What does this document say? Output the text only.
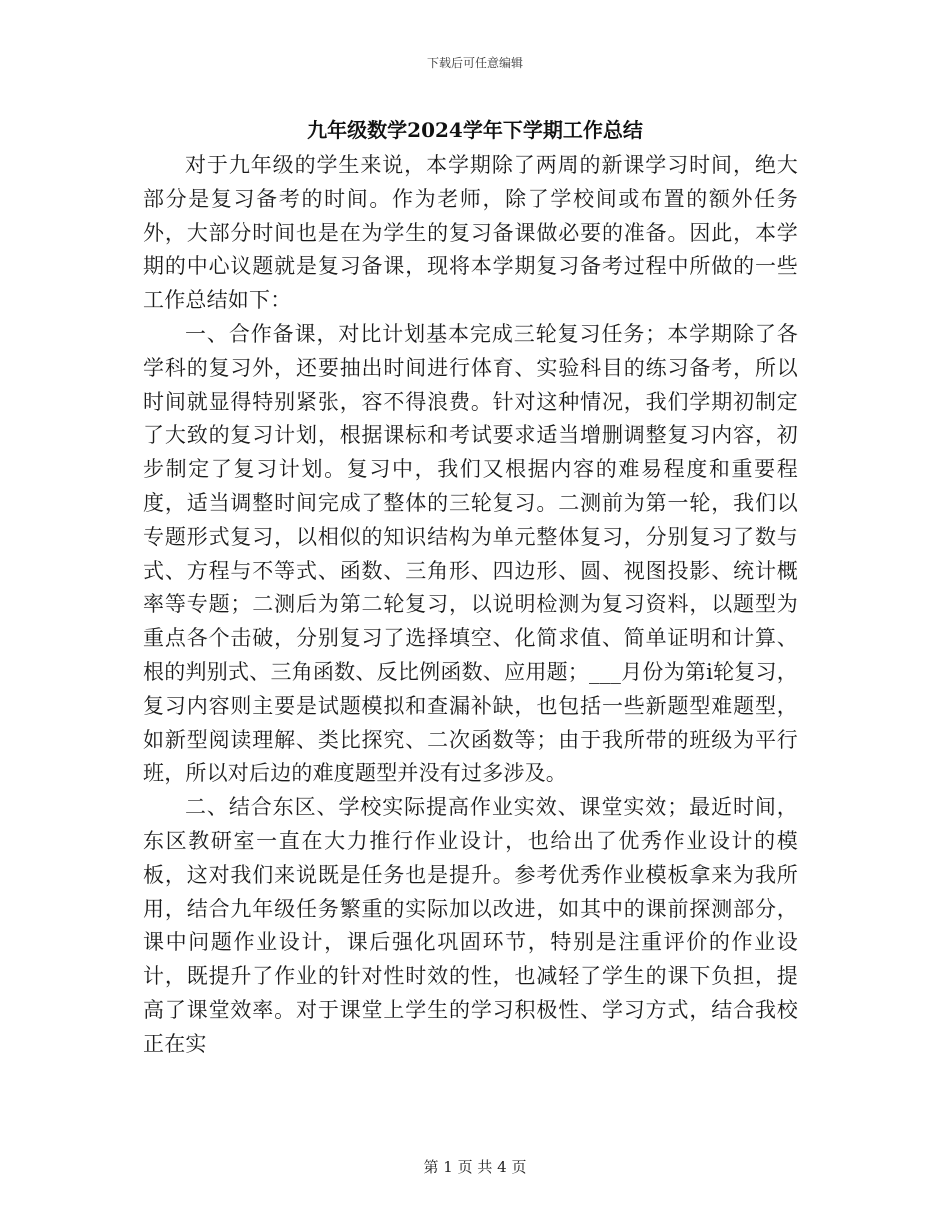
下载后可任意编辑
九年级数学2024学年下学期工作总结

对于九年级的学生来说，本学期除了两周的新课学习时间，绝大部分是复习备考的时间。作为老师，除了学校间或布置的额外任务外，大部分时间也是在为学生的复习备课做必要的准备。因此，本学期的中心议题就是复习备课，现将本学期复习备考过程中所做的一些工作总结如下：

一、合作备课，对比计划基本完成三轮复习任务；本学期除了各学科的复习外，还要抽出时间进行体育、实验科目的练习备考，所以时间就显得特别紧张，容不得浪费。针对这种情况，我们学期初制定了大致的复习计划，根据课标和考试要求适当增删调整复习内容，初步制定了复习计划。复习中，我们又根据内容的难易程度和重要程度，适当调整时间完成了整体的三轮复习。二测前为第一轮，我们以专题形式复习，以相似的知识结构为单元整体复习，分别复习了数与式、方程与不等式、函数、三角形、四边形、圆、视图投影、统计概率等专题；二测后为第二轮复习，以说明检测为复习资料，以题型为重点各个击破，分别复习了选择填空、化简求值、简单证明和计算、根的判别式、三角函数、反比例函数、应用题；___月份为第ⅰ轮复习，复习内容则主要是试题模拟和查漏补缺，也包括一些新题型难题型，如新型阅读理解、类比探究、二次函数等；由于我所带的班级为平行班，所以对后边的难度题型并没有过多涉及。

二、结合东区、学校实际提高作业实效、课堂实效；最近时间，东区教研室一直在大力推行作业设计，也给出了优秀作业设计的模板，这对我们来说既是任务也是提升。参考优秀作业模板拿来为我所用，结合九年级任务繁重的实际加以改进，如其中的课前探测部分，课中问题作业设计，课后强化巩固环节，特别是注重评价的作业设计，既提升了作业的针对性时效的性，也减轻了学生的课下负担，提高了课堂效率。对于课堂上学生的学习积极性、学习方式，结合我校正在实

第 1 页 共 4 页
